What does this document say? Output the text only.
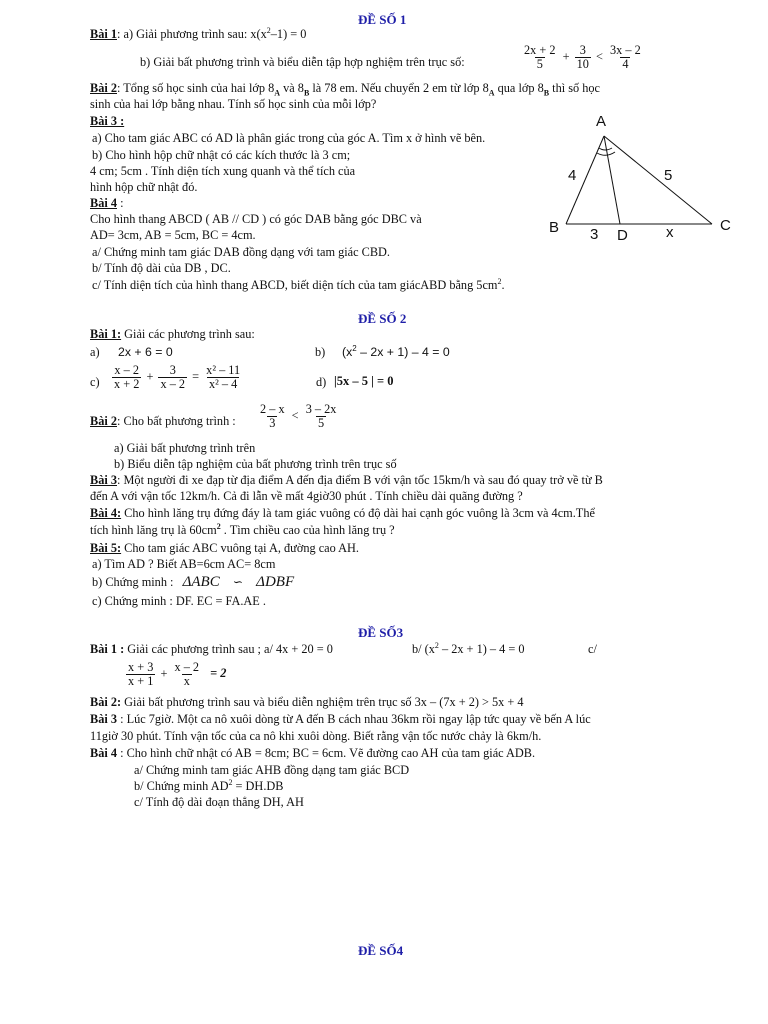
ĐỀ SỐ 1
Bài 1: a) Giải phương trình sau: $x(x^2-1) = 0$
b) Giải bất phương trình và biểu diễn tập hợp nghiệm trên trục số:	$\frac{2x + 2}{5} + \frac{3}{10} < \frac{3x - 2}{4}$
Bài 2: Tổng số học sinh của hai lớp $8_A$ và $8_B$ là 78 em. Nếu chuyển 2 em từ lớp $8_A$ qua lớp $8_B$ thì số học
sinh của hai lớp bằng nhau. Tính số học sinh của mỗi lớp?
Bài 3 :
a) Cho tam giác ABC có AD là phân giác trong của góc A. Tìm x ở hình vẽ bên.
b) Cho hình hộp chữ nhật có các kích thước là 3 cm;
4 cm; 5cm . Tính diện tích xung quanh và thể tích của
hình hộp chữ nhật đó.
Bài 4 :
Cho hình thang ABCD ( AB // CD ) có góc DAB bằng góc DBC và
AD= 3cm, AB = 5cm, BC = 4cm.
a/ Chứng minh tam giác DAB đồng dạng với tam giác CBD.
b/ Tính độ dài của DB , DC.
c/ Tính diện tích của hình thang ABCD, biết diện tích của tam giácABD bằng $5cm^2$.
A
B	C
D
4	5
3	x
ĐỀ SỐ 2
Bài 1: Giải các phương trình sau:
a) 2x + 6 = 0	b) $(x^2 - 2x + 1) - 4 = 0$
$c) \frac{x - 2}{x + 2} + \frac{3}{x - 2} = \frac{\text{x² – 11}}{\text{x² – 4}}$	d) |5x – 5 | = 0
Bài 2: Cho bất phương trình : $\frac{2 - x}{3} < \frac{3 - 2x}{5}$
a) Giải bất phương trình trên
b) Biểu diễn tập nghiệm của bất phương trình trên trục số
Bài 3: Một người đi xe đạp từ địa điểm A đến địa điểm B với vận tốc 15km/h và sau đó quay trở về từ B
đến A với vận tốc 12km/h. Cả đi lẫn về mất 4giờ30 phút . Tính chiều dài quãng đường ?
Bài 4: Cho hình lăng trụ đứng đáy là tam giác vuông có độ dài hai cạnh góc vuông là 3cm và 4cm.Thể
tích hình lăng trụ là $60cm^2$ . Tìm chiều cao của hình lăng trụ ?
Bài 5: Cho tam giác ABC vuông tại A, đường cao AH.
a) Tìm AD ? Biết AB=6cm AC= 8cm
b) Chứng minh : ΔABC ∽ ΔDBF
c) Chứng minh : DF. EC = FA.AE .
ĐỀ SỐ3
Bài 1 : Giải các phương trình sau ; a/ 4x + 20 = 0	b/ $(x^2 - 2x + 1) - 4 = 0$	c/
$\frac{x + 3}{x + 1} + \frac{x - 2}{x} = 2$
Bài 2: Giải bất phương trình sau và biểu diễn nghiệm trên trục số 3x – (7x + 2) > 5x + 4
Bài 3 : Lúc 7giờ. Một ca nô xuôi dòng từ A đến B cách nhau 36km rồi ngay lập tức quay về bến A lúc
11giờ 30 phút. Tính vận tốc của ca nô khi xuôi dòng. Biết rằng vận tốc nước chảy là 6km/h.
Bài 4 : Cho hình chữ nhật có AB = 8cm; BC = 6cm. Vẽ đường cao AH của tam giác ADB.
a/ Chứng minh tam giác AHB đồng dạng tam giác BCD
b/ Chứng minh $AD^2 = DH.DB$
c/ Tính độ dài đoạn thẳng DH, AH
ĐỀ SỐ4
